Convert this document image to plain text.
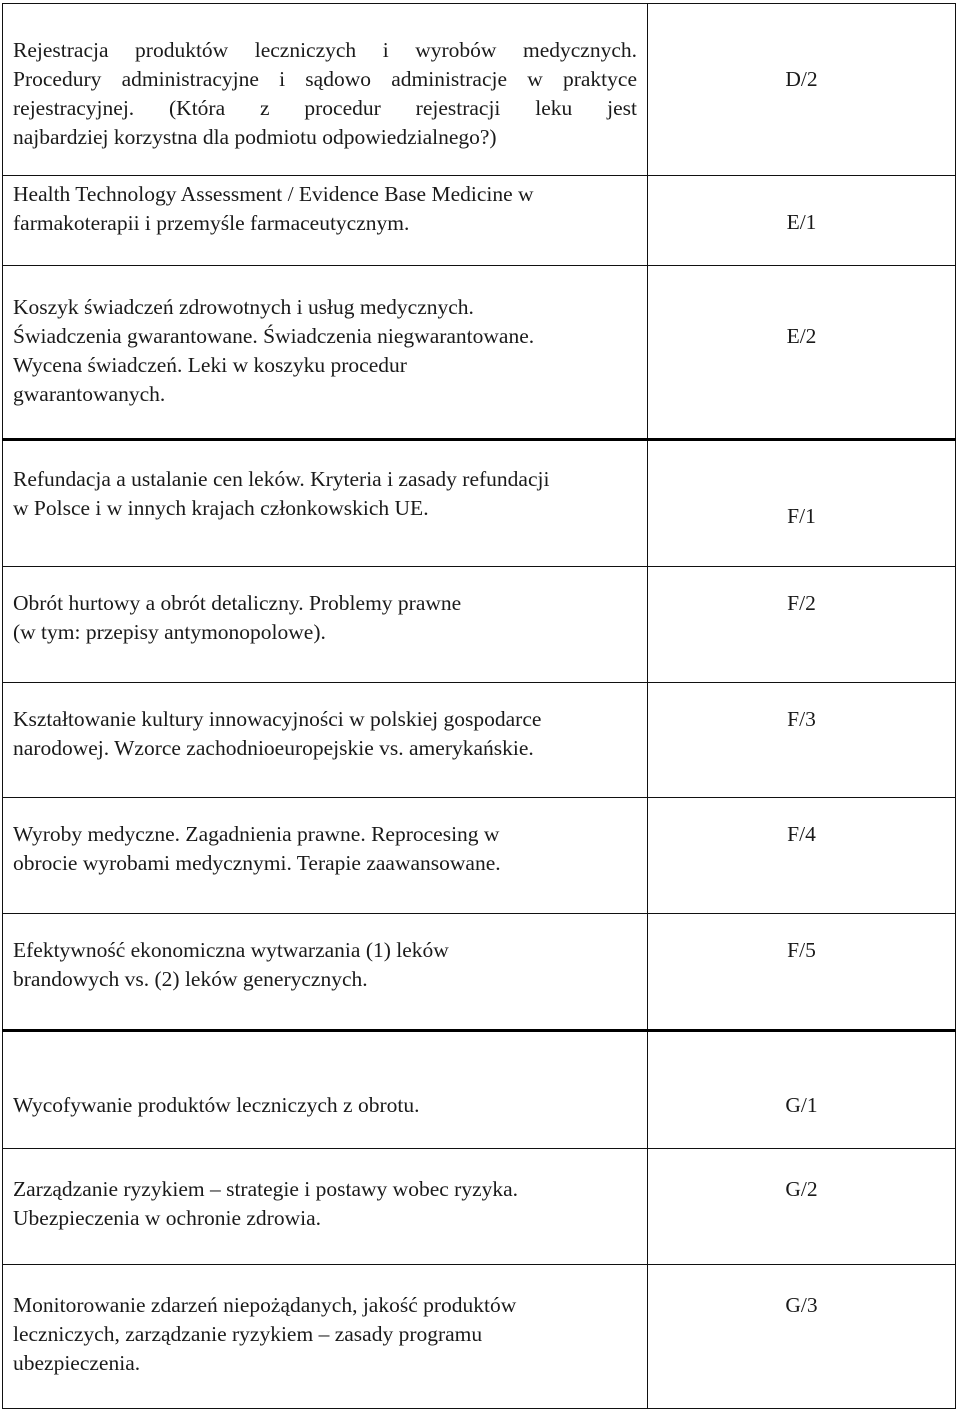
Rejestracja produktów leczniczych i wyrobów medycznych.
Procedury administracyjne i sądowo administracje w praktyce
rejestracyjnej. (Która z procedur rejestracji leku jest
najbardziej korzystna dla podmiotu odpowiedzialnego?)	D/2

Health Technology Assessment / Evidence Base Medicine w
farmakoterapii i przemyśle farmaceutycznym.	E/1

Koszyk świadczeń zdrowotnych i usług medycznych.
Świadczenia gwarantowane. Świadczenia niegwarantowane.
Wycena świadczeń. Leki w koszyku procedur
gwarantowanych.	E/2

Refundacja a ustalanie cen leków. Kryteria i zasady refundacji
w Polsce i w innych krajach członkowskich UE.	F/1

Obrót hurtowy a obrót detaliczny. Problemy prawne
(w tym: przepisy antymonopolowe).	F/2

Kształtowanie kultury innowacyjności w polskiej gospodarce
narodowej. Wzorce zachodnioeuropejskie vs. amerykańskie.	F/3

Wyroby medyczne. Zagadnienia prawne. Reprocesing w
obrocie wyrobami medycznymi. Terapie zaawansowane.	F/4

Efektywność ekonomiczna wytwarzania (1) leków
brandowych vs. (2) leków generycznych.	F/5

Wycofywanie produktów leczniczych z obrotu.	G/1

Zarządzanie ryzykiem – strategie i postawy wobec ryzyka.
Ubezpieczenia w ochronie zdrowia.	G/2

Monitorowanie zdarzeń niepożądanych, jakość produktów
leczniczych, zarządzanie ryzykiem – zasady programu
ubezpieczenia.	G/3
